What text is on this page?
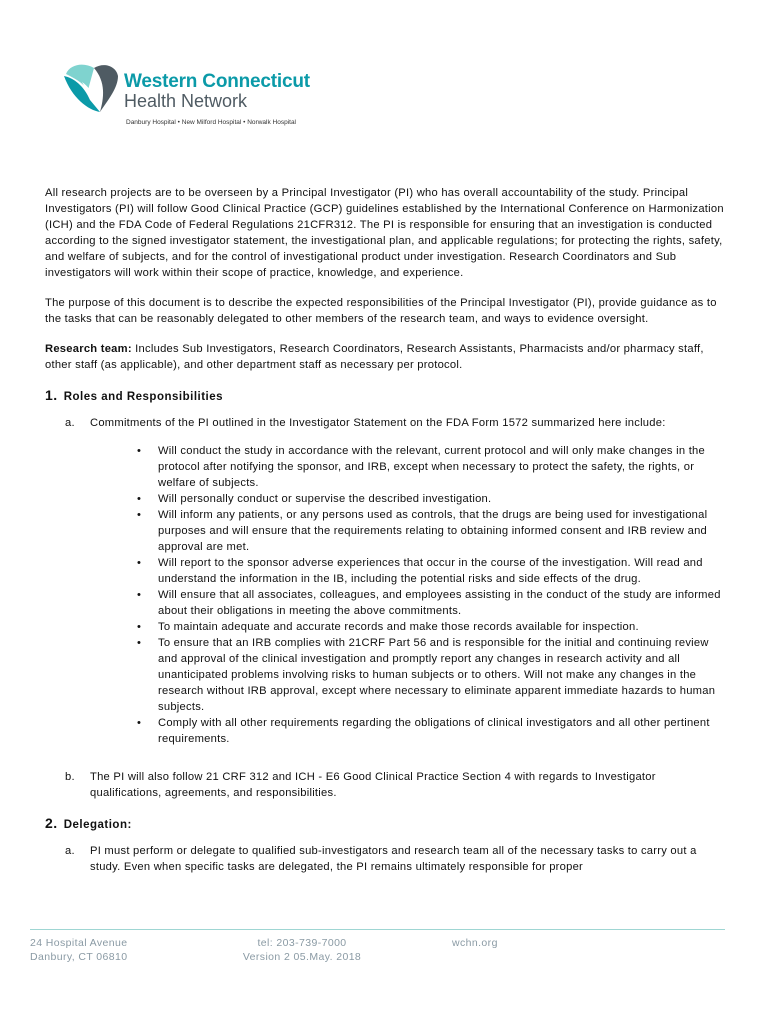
Western Connecticut
Health Network
Danbury Hospital • New Milford Hospital • Norwalk Hospital

All research projects are to be overseen by a Principal Investigator (PI) who has overall accountability of the study. Principal Investigators (PI) will follow Good Clinical Practice (GCP) guidelines established by the International Conference on Harmonization (ICH) and the FDA Code of Federal Regulations 21CFR312. The PI is responsible for ensuring that an investigation is conducted according to the signed investigator statement, the investigational plan, and applicable regulations; for protecting the rights, safety, and welfare of subjects, and for the control of investigational product under investigation. Research Coordinators and Sub investigators will work within their scope of practice, knowledge, and experience.

The purpose of this document is to describe the expected responsibilities of the Principal Investigator (PI), provide guidance as to the tasks that can be reasonably delegated to other members of the research team, and ways to evidence oversight.

Research team: Includes Sub Investigators, Research Coordinators, Research Assistants, Pharmacists and/or pharmacy staff, other staff (as applicable), and other department staff as necessary per protocol.

1. Roles and Responsibilities
a.	Commitments of the PI outlined in the Investigator Statement on the FDA Form 1572 summarized here include:
•	Will conduct the study in accordance with the relevant, current protocol and will only make changes in the protocol after notifying the sponsor, and IRB, except when necessary to protect the safety, the rights, or welfare of subjects.
•	Will personally conduct or supervise the described investigation.
•	Will inform any patients, or any persons used as controls, that the drugs are being used for investigational purposes and will ensure that the requirements relating to obtaining informed consent and IRB review and approval are met.
•	Will report to the sponsor adverse experiences that occur in the course of the investigation. Will read and understand the information in the IB, including the potential risks and side effects of the drug.
•	Will ensure that all associates, colleagues, and employees assisting in the conduct of the study are informed about their obligations in meeting the above commitments.
•	To maintain adequate and accurate records and make those records available for inspection.
•	To ensure that an IRB complies with 21CRF Part 56 and is responsible for the initial and continuing review and approval of the clinical investigation and promptly report any changes in research activity and all unanticipated problems involving risks to human subjects or to others. Will not make any changes in the research without IRB approval, except where necessary to eliminate apparent immediate hazards to human subjects.
•	Comply with all other requirements regarding the obligations of clinical investigators and all other pertinent requirements.
b.	The PI will also follow 21 CRF 312 and ICH - E6 Good Clinical Practice Section 4 with regards to Investigator qualifications, agreements, and responsibilities.
2. Delegation:
a.	PI must perform or delegate to qualified sub-investigators and research team all of the necessary tasks to carry out a study. Even when specific tasks are delegated, the PI remains ultimately responsible for proper
24 Hospital Avenue
Danbury, CT 06810
tel: 203-739-7000
Version 2 05.May. 2018
wchn.org
